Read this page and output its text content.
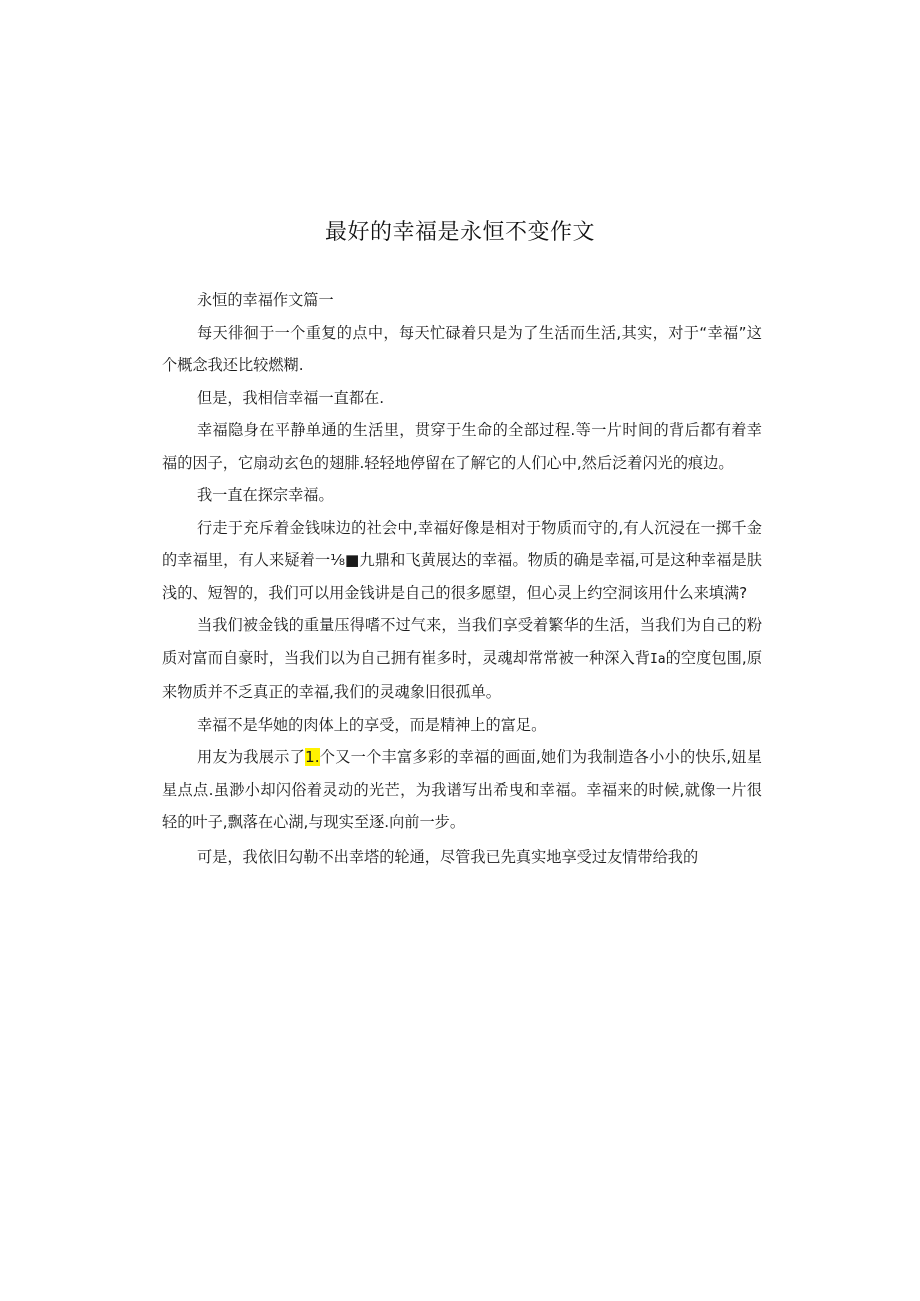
最好的幸福是永恒不变作文

永恒的幸福作文篇一

每天徘徊于一个重复的点中，每天忙碌着只是为了生活而生活,其实，对于“幸福”这个概念我还比较燃糊.

但是，我相信幸福一直都在.

幸福隐身在平静单通的生活里，贯穿于生命的全部过程.等一片时间的背后都有着幸福的因子，它扇动玄色的翅腓.轻轻地停留在了解它的人们心中,然后泛着闪光的痕边。

我一直在探宗幸福。

行走于充斥着金钱味边的社会中,幸福好像是相对于物质而守的,有人沉浸在一掷千金的幸福里，有人来疑着一⅛■九鼎和飞黄展达的幸福。物质的确是幸福,可是这种幸福是肤浅的、短智的，我们可以用金钱讲是自己的很多愿望，但心灵上约空洞该用什么来填满?

当我们被金钱的重量压得嗜不过气来，当我们享受着繁华的生活，当我们为自己的粉质对富而自豪时，当我们以为自己拥有崔多时，灵魂却常常被一种深入背Ia的空度包围,原来物质并不乏真正的幸福,我们的灵魂象旧很孤单。

幸福不是华她的肉体上的享受，而是精神上的富足。

用友为我展示了1.个又一个丰富多彩的幸福的画面,她们为我制造各小小的快乐,妞星星点点.虽渺小却闪俗着灵动的光芒，为我谱写出希曳和幸福。幸福来的时候,就像一片很轻的叶子,飘落在心湖,与现实至逐.向前一步。

可是，我依旧勾勒不出幸塔的轮通，尽管我已先真实地享受过友情带给我的
